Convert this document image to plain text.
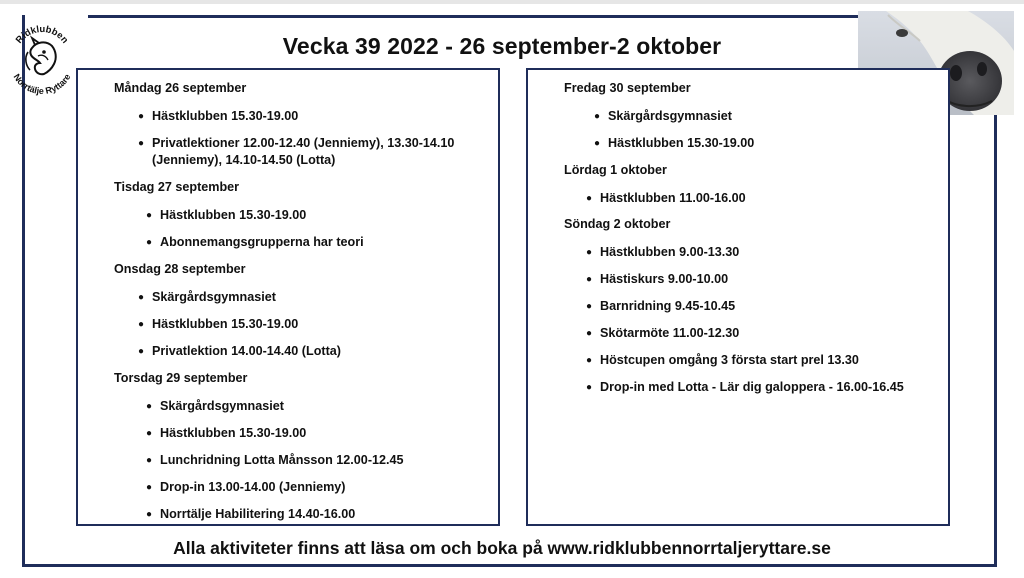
Ridklubben
Norrtälje Ryttare
Vecka 39 2022 - 26 september-2 oktober
Måndag 26 september
● Hästklubben 15.30-19.00
● Privatlektioner 12.00-12.40 (Jenniemy), 13.30-14.10 (Jenniemy), 14.10-14.50 (Lotta)
Tisdag 27 september
● Hästklubben 15.30-19.00
● Abonnemangsgrupperna har teori
Onsdag 28 september
● Skärgårdsgymnasiet
● Hästklubben 15.30-19.00
● Privatlektion 14.00-14.40 (Lotta)
Torsdag 29 september
● Skärgårdsgymnasiet
● Hästklubben 15.30-19.00
● Lunchridning Lotta Månsson 12.00-12.45
● Drop-in 13.00-14.00 (Jenniemy)
● Norrtälje Habilitering 14.40-16.00
Fredag 30 september
● Skärgårdsgymnasiet
● Hästklubben 15.30-19.00
Lördag 1 oktober
● Hästklubben 11.00-16.00
Söndag 2 oktober
● Hästklubben 9.00-13.30
● Hästiskurs 9.00-10.00
● Barnridning 9.45-10.45
● Skötarmöte 11.00-12.30
● Höstcupen omgång 3 första start prel 13.30
● Drop-in med Lotta - Lär dig galoppera - 16.00-16.45
Alla aktiviteter finns att läsa om och boka på www.ridklubbennorrtaljeryttare.se
